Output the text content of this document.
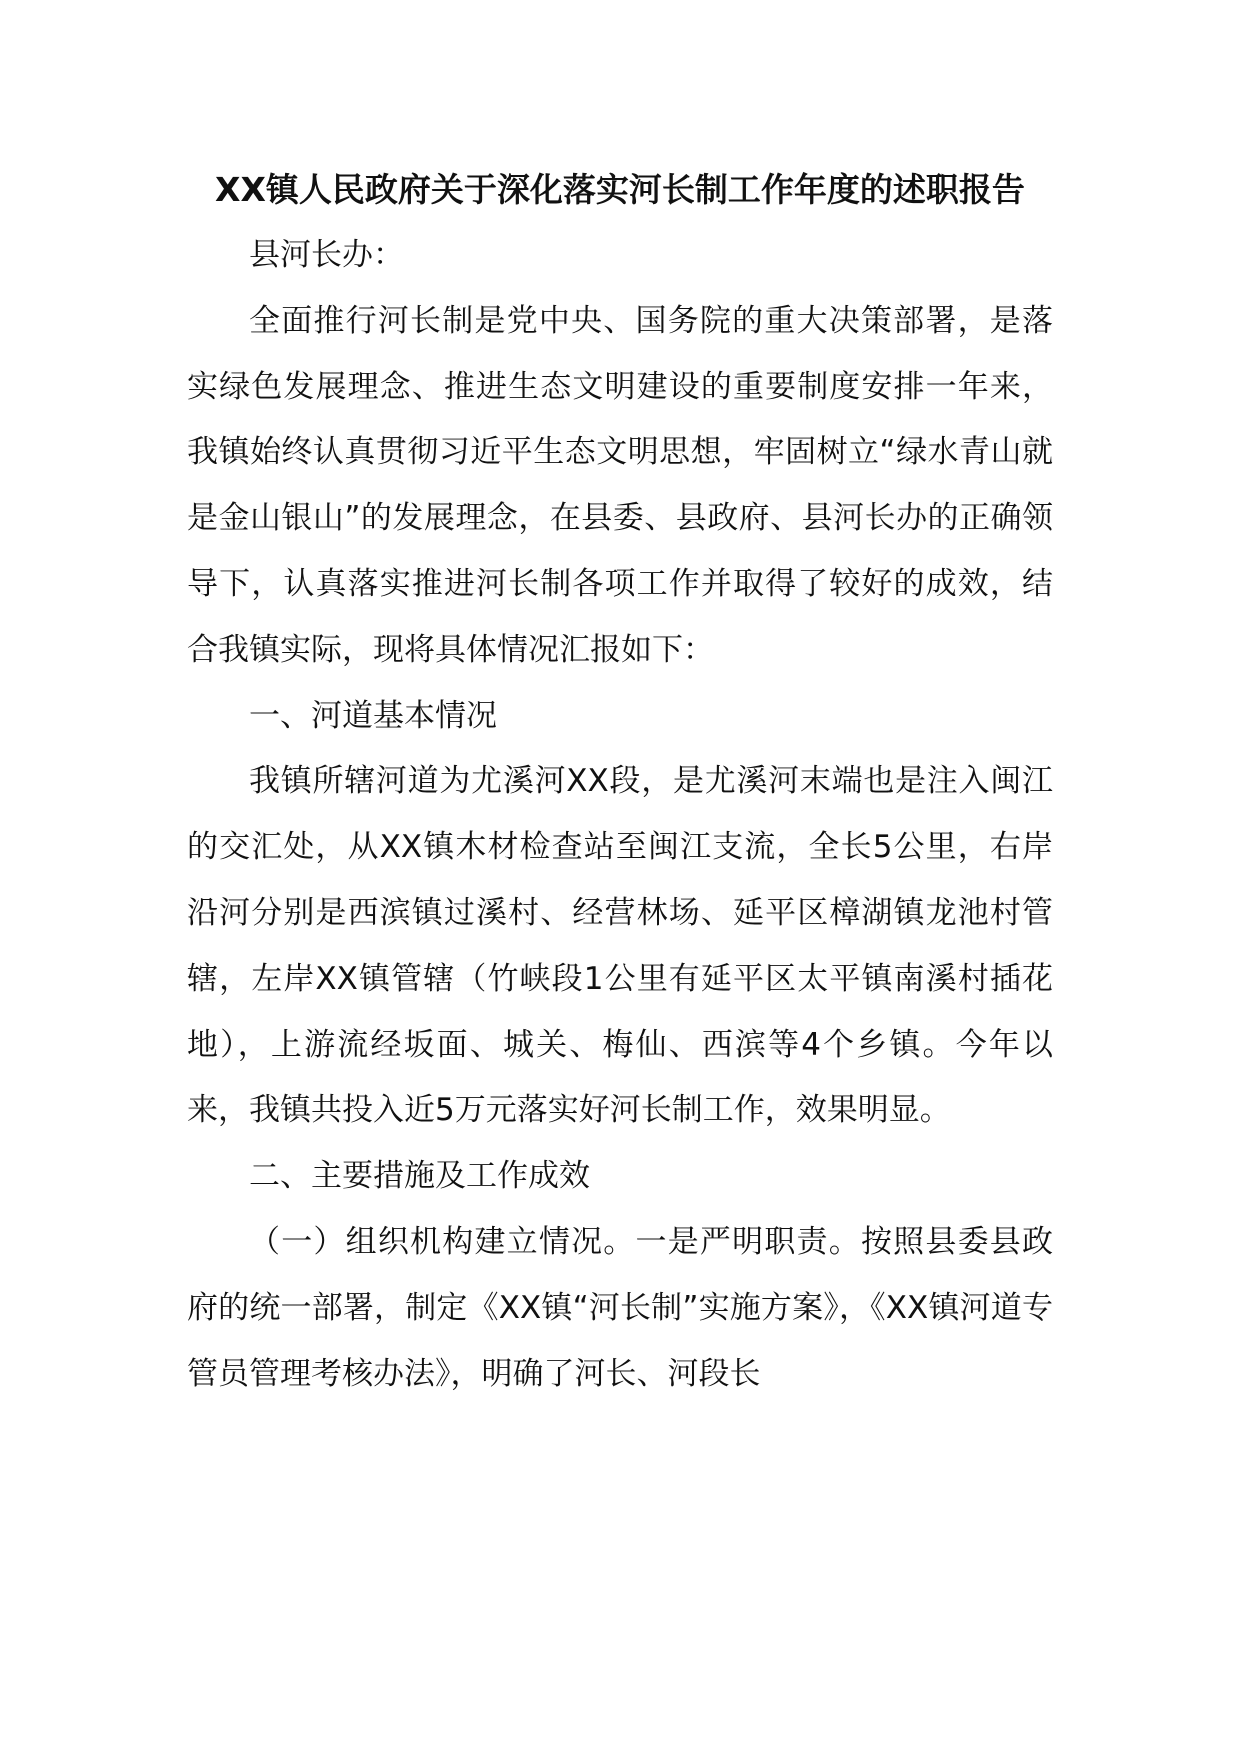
XX镇人民政府关于深化落实河长制工作年度的述职报告

县河长办：

全面推行河长制是党中央、国务院的重大决策部署，是落实绿色发展理念、推进生态文明建设的重要制度安排一年来，我镇始终认真贯彻习近平生态文明思想，牢固树立“绿水青山就是金山银山”的发展理念，在县委、县政府、县河长办的正确领导下，认真落实推进河长制各项工作并取得了较好的成效，结合我镇实际，现将具体情况汇报如下：

一、河道基本情况

我镇所辖河道为尤溪河XX段，是尤溪河末端也是注入闽江的交汇处，从XX镇木材检查站至闽江支流，全长5公里，右岸沿河分别是西滨镇过溪村、经营林场、延平区樟湖镇龙池村管辖，左岸XX镇管辖（竹峡段1公里有延平区太平镇南溪村插花地），上游流经坂面、城关、梅仙、西滨等4个乡镇。今年以来，我镇共投入近5万元落实好河长制工作，效果明显。

二、主要措施及工作成效

（一）组织机构建立情况。一是严明职责。按照县委县政府的统一部署，制定《XX镇“河长制”实施方案》，《XX镇河道专管员管理考核办法》，明确了河长、河段长
